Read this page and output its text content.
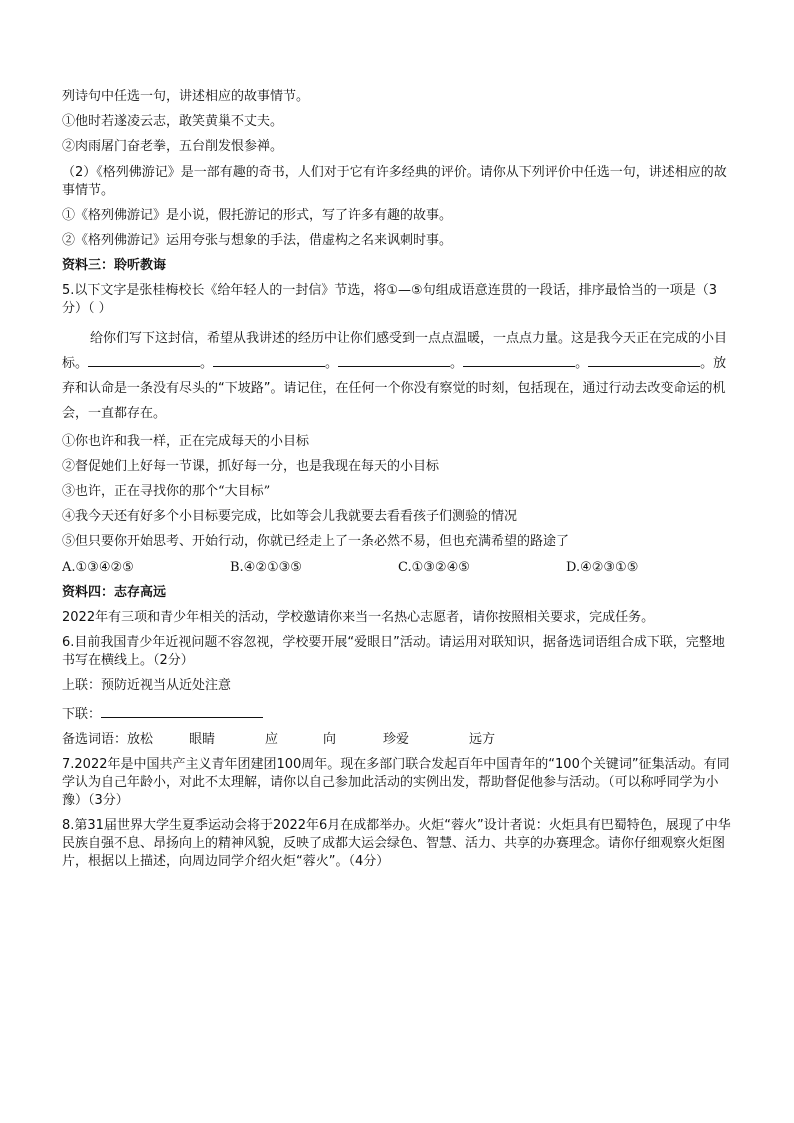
列诗句中任选一句，讲述相应的故事情节。
①他时若遂凌云志，敢笑黄巢不丈夫。
②肉雨屠门奋老拳，五台削发恨参禅。
（2）《格列佛游记》是一部有趣的奇书，人们对于它有许多经典的评价。请你从下列评价中任选一句，讲述相应的故事情节。
①《格列佛游记》是小说，假托游记的形式，写了许多有趣的故事。
②《格列佛游记》运用夸张与想象的手法，借虚构之名来讽刺时事。
资料三：聆听教诲
5.以下文字是张桂梅校长《给年轻人的一封信》节选，将①—⑤句组成语意连贯的一段话，排序最恰当的一项是（3分）（ ）
给你们写下这封信，希望从我讲述的经历中让你们感受到一点点温暖，一点点力量。这是我今天正在完成的小目标。	。	。	。	。	。放弃和认命是一条没有尽头的“下坡路”。请记住，在任何一个你没有察觉的时刻，包括现在，通过行动去改变命运的机会，一直都存在。
①你也许和我一样，正在完成每天的小目标
②督促她们上好每一节课，抓好每一分，也是我现在每天的小目标
③也许，正在寻找你的那个“大目标”
④我今天还有好多个小目标要完成，比如等会儿我就要去看看孩子们测验的情况
⑤但只要你开始思考、开始行动，你就已经走上了一条必然不易，但也充满希望的路途了
A.①③④②⑤	B.④②①③⑤	C.①③②④⑤	D.④②③①⑤
资料四：志存高远
2022年有三项和青少年相关的活动，学校邀请你来当一名热心志愿者，请你按照相关要求，完成任务。
6.目前我国青少年近视问题不容忽视，学校要开展“爱眼日”活动。请运用对联知识，据备选词语组合成下联，完整地书写在横线上。（2分）
上联：预防近视当从近处注意
下联：
备选词语： 放松	眼睛	应	向	珍爱	远方
7.2022年是中国共产主义青年团建团100周年。现在多部门联合发起百年中国青年的“100个关键词”征集活动。有同学认为自己年龄小，对此不太理解，请你以自己参加此活动的实例出发，帮助督促他参与活动。（可以称呼同学为小豫）（3分）
8.第31届世界大学生夏季运动会将于2022年6月在成都举办。火炬“蓉火”设计者说：火炬具有巴蜀特色，展现了中华民族自强不息、昂扬向上的精神风貌，反映了成都大运会绿色、智慧、活力、共享的办赛理念。请你仔细观察火炬图片，根据以上描述，向周边同学介绍火炬“蓉火”。（4分）
